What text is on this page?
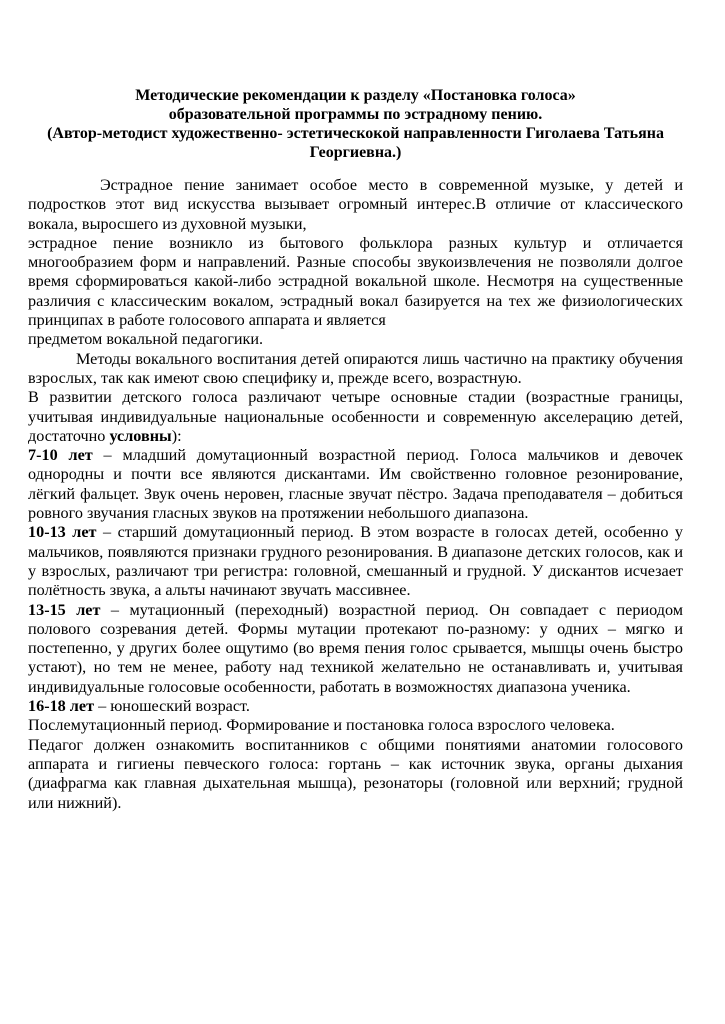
Методические рекомендации к разделу «Постановка голоса»
образовательной программы по эстрадному пению.
(Автор-методист художественно- эстетическокой направленности Гиголаева Татьяна
Георгиевна.)

Эстрадное пение занимает особое место в современной музыке, у детей и подростков этот вид искусства вызывает огромный интерес.В отличие от классического вокала, выросшего из духовной музыки,

эстрадное пение возникло из бытового фольклора разных культур и отличается многообразием форм и направлений. Разные способы звукоизвлечения не позволяли долгое время сформироваться какой-либо эстрадной вокальной школе. Несмотря на существенные различия с классическим вокалом, эстрадный вокал базируется на тех же физиологических принципах в работе голосового аппарата и является

предметом вокальной педагогики.

Методы вокального воспитания детей опираются лишь частично на практику обучения взрослых, так как имеют свою специфику и, прежде всего, возрастную.

В развитии детского голоса различают четыре основные стадии (возрастные границы, учитывая индивидуальные национальные особенности и современную акселерацию детей, достаточно условны):

7-10 лет – младший домутационный возрастной период. Голоса мальчиков и девочек однородны и почти все являются дискантами. Им свойственно головное резонирование, лёгкий фальцет. Звук очень неровен, гласные звучат пёстро. Задача преподавателя – добиться ровного звучания гласных звуков на протяжении небольшого диапазона.

10-13 лет – старший домутационный период. В этом возрасте в голосах детей, особенно у мальчиков, появляются признаки грудного резонирования. В диапазоне детских голосов, как и у взрослых, различают три регистра: головной, смешанный и грудной. У дискантов исчезает полётность звука, а альты начинают звучать массивнее.

13-15 лет – мутационный (переходный) возрастной период. Он совпадает с периодом полового созревания детей. Формы мутации протекают по-разному: у одних – мягко и постепенно, у других более ощутимо (во время пения голос срывается, мышцы очень быстро устают), но тем не менее, работу над техникой желательно не останавливать и, учитывая индивидуальные голосовые особенности, работать в возможностях диапазона ученика.

16-18 лет – юношеский возраст.

Послемутационный период. Формирование и постановка голоса взрослого человека.

Педагог должен ознакомить воспитанников с общими понятиями анатомии голосового аппарата и гигиены певческого голоса: гортань – как источник звука, органы дыхания (диафрагма как главная дыхательная мышца), резонаторы (головной или верхний; грудной или нижний).
